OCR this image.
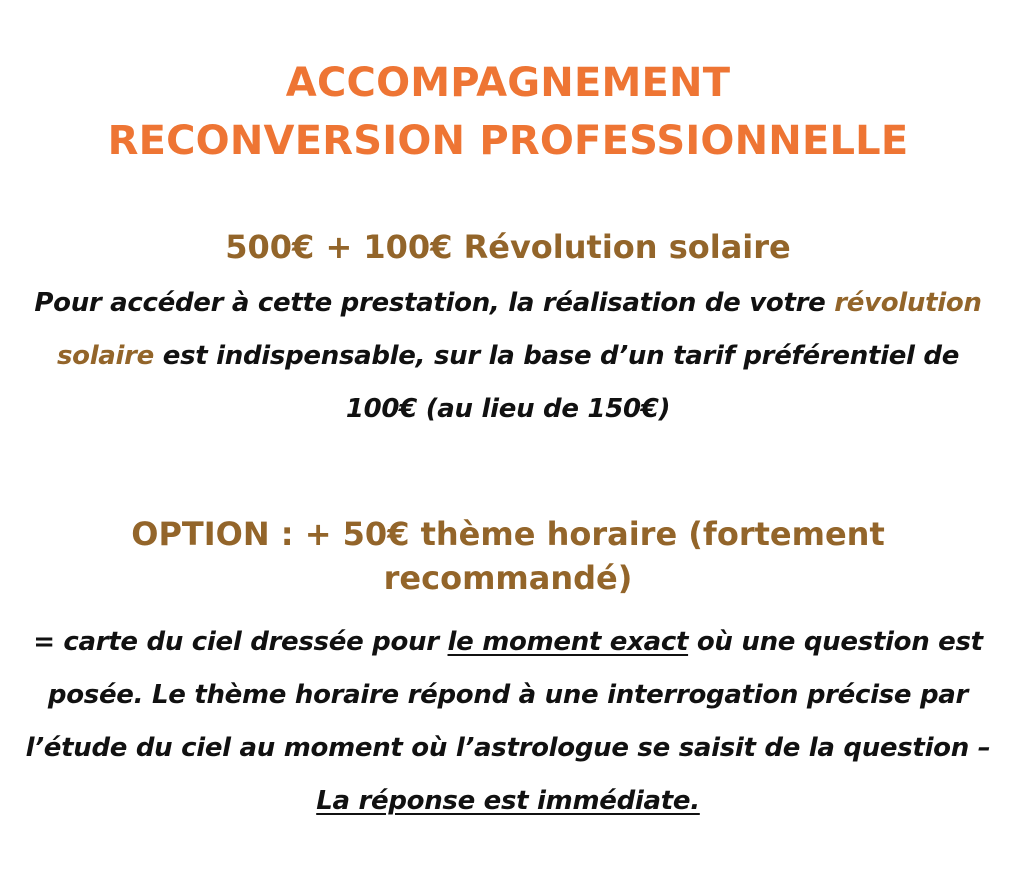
ACCOMPAGNEMENT
RECONVERSION PROFESSIONNELLE
500€ + 100€ Révolution solaire

Pour accéder à cette prestation, la réalisation de votre révolution solaire est indispensable, sur la base d’un tarif préférentiel de 100€ (au lieu de 150€)

OPTION : + 50€ thème horaire (fortement
recommandé)

= carte du ciel dressée pour le moment exact où une question est posée. Le thème horaire répond à une interrogation précise par l’étude du ciel au moment où l’astrologue se saisit de la question – La réponse est immédiate.
